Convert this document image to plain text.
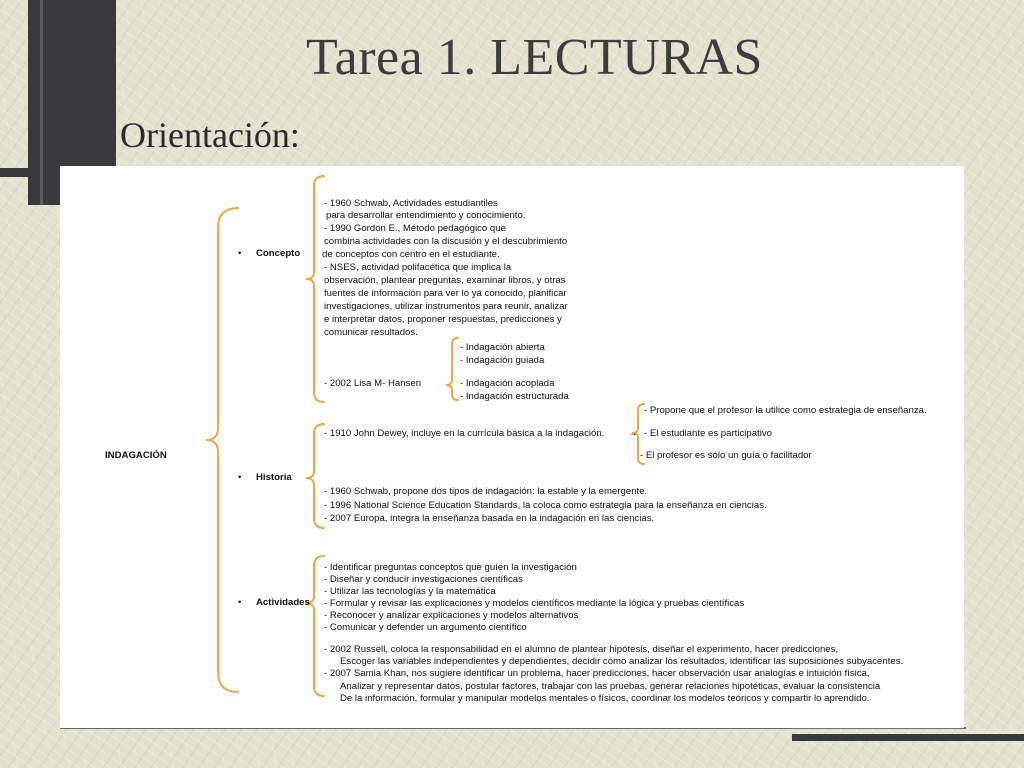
Tarea 1. LECTURAS
Orientación:
INDAGACIÓN
• Concepto
• Historia
• Actividades
- 1960 Schwab, Actividades estudiantiles
para desarrollar entendimiento y conocimiento.
- 1990 Gordon E., Método pedagógico que
combina actividades con la discusión y el descubrimiento
de conceptos con centro en el estudiante.
- NSES, actividad polifacética que implica la
observación, plantear preguntas, examinar libros, y otras
fuentes de información para ver lo ya conocido, planificar
investigaciones, utilizar instrumentos para reunir, analizar
e interpretar datos, proponer respuestas, predicciones y
comunicar resultados.
- 2002 Lisa M- Hansen
- Indagación abierta
- Indagación guiada
- Indagación acoplada
- Indagación estructurada
- 1910 John Dewey, incluye en la currícula básica a la indagación. →
- Propone que el profesor la utilice como estrategia de enseñanza.
- El estudiante es participativo
- El profesor es sólo un guía o facilitador
- 1960 Schwab, propone dos tipos de indagación: la estable y la emergente.
- 1996 National Science Education Standards, la coloca como estrategia para la enseñanza en ciencias.
- 2007 Europa, integra la enseñanza basada en la indagación en las ciencias.
- Identificar preguntas conceptos que guíen la investigación
- Diseñar y conducir investigaciones científicas
- Utilizar las tecnologías y la matemática
- Formular y revisar las explicaciones y modelos científicos mediante la lógica y pruebas científicas
- Reconocer y analizar explicaciones y modelos alternativos
- Comunicar y defender un argumento científico
- 2002 Russell, coloca la responsabilidad en el alumno de plantear hipótesis, diseñar el experimento, hacer predicciones,
Escoger las variables independientes y dependientes, decidir cómo analizar los resultados, identificar las suposiciones subyacentes.
- 2007 Samia Khan, nos sugiere identificar un problema, hacer predicciones, hacer observación usar analogías e intuición física,
Analizar y representar datos, postular factores, trabajar con las pruebas, generar relaciones hipotéticas, evaluar la consistencia
De la información, formular y manipular modelos mentales o físicos, coordinar los modelos teóricos y compartir lo aprendido.
